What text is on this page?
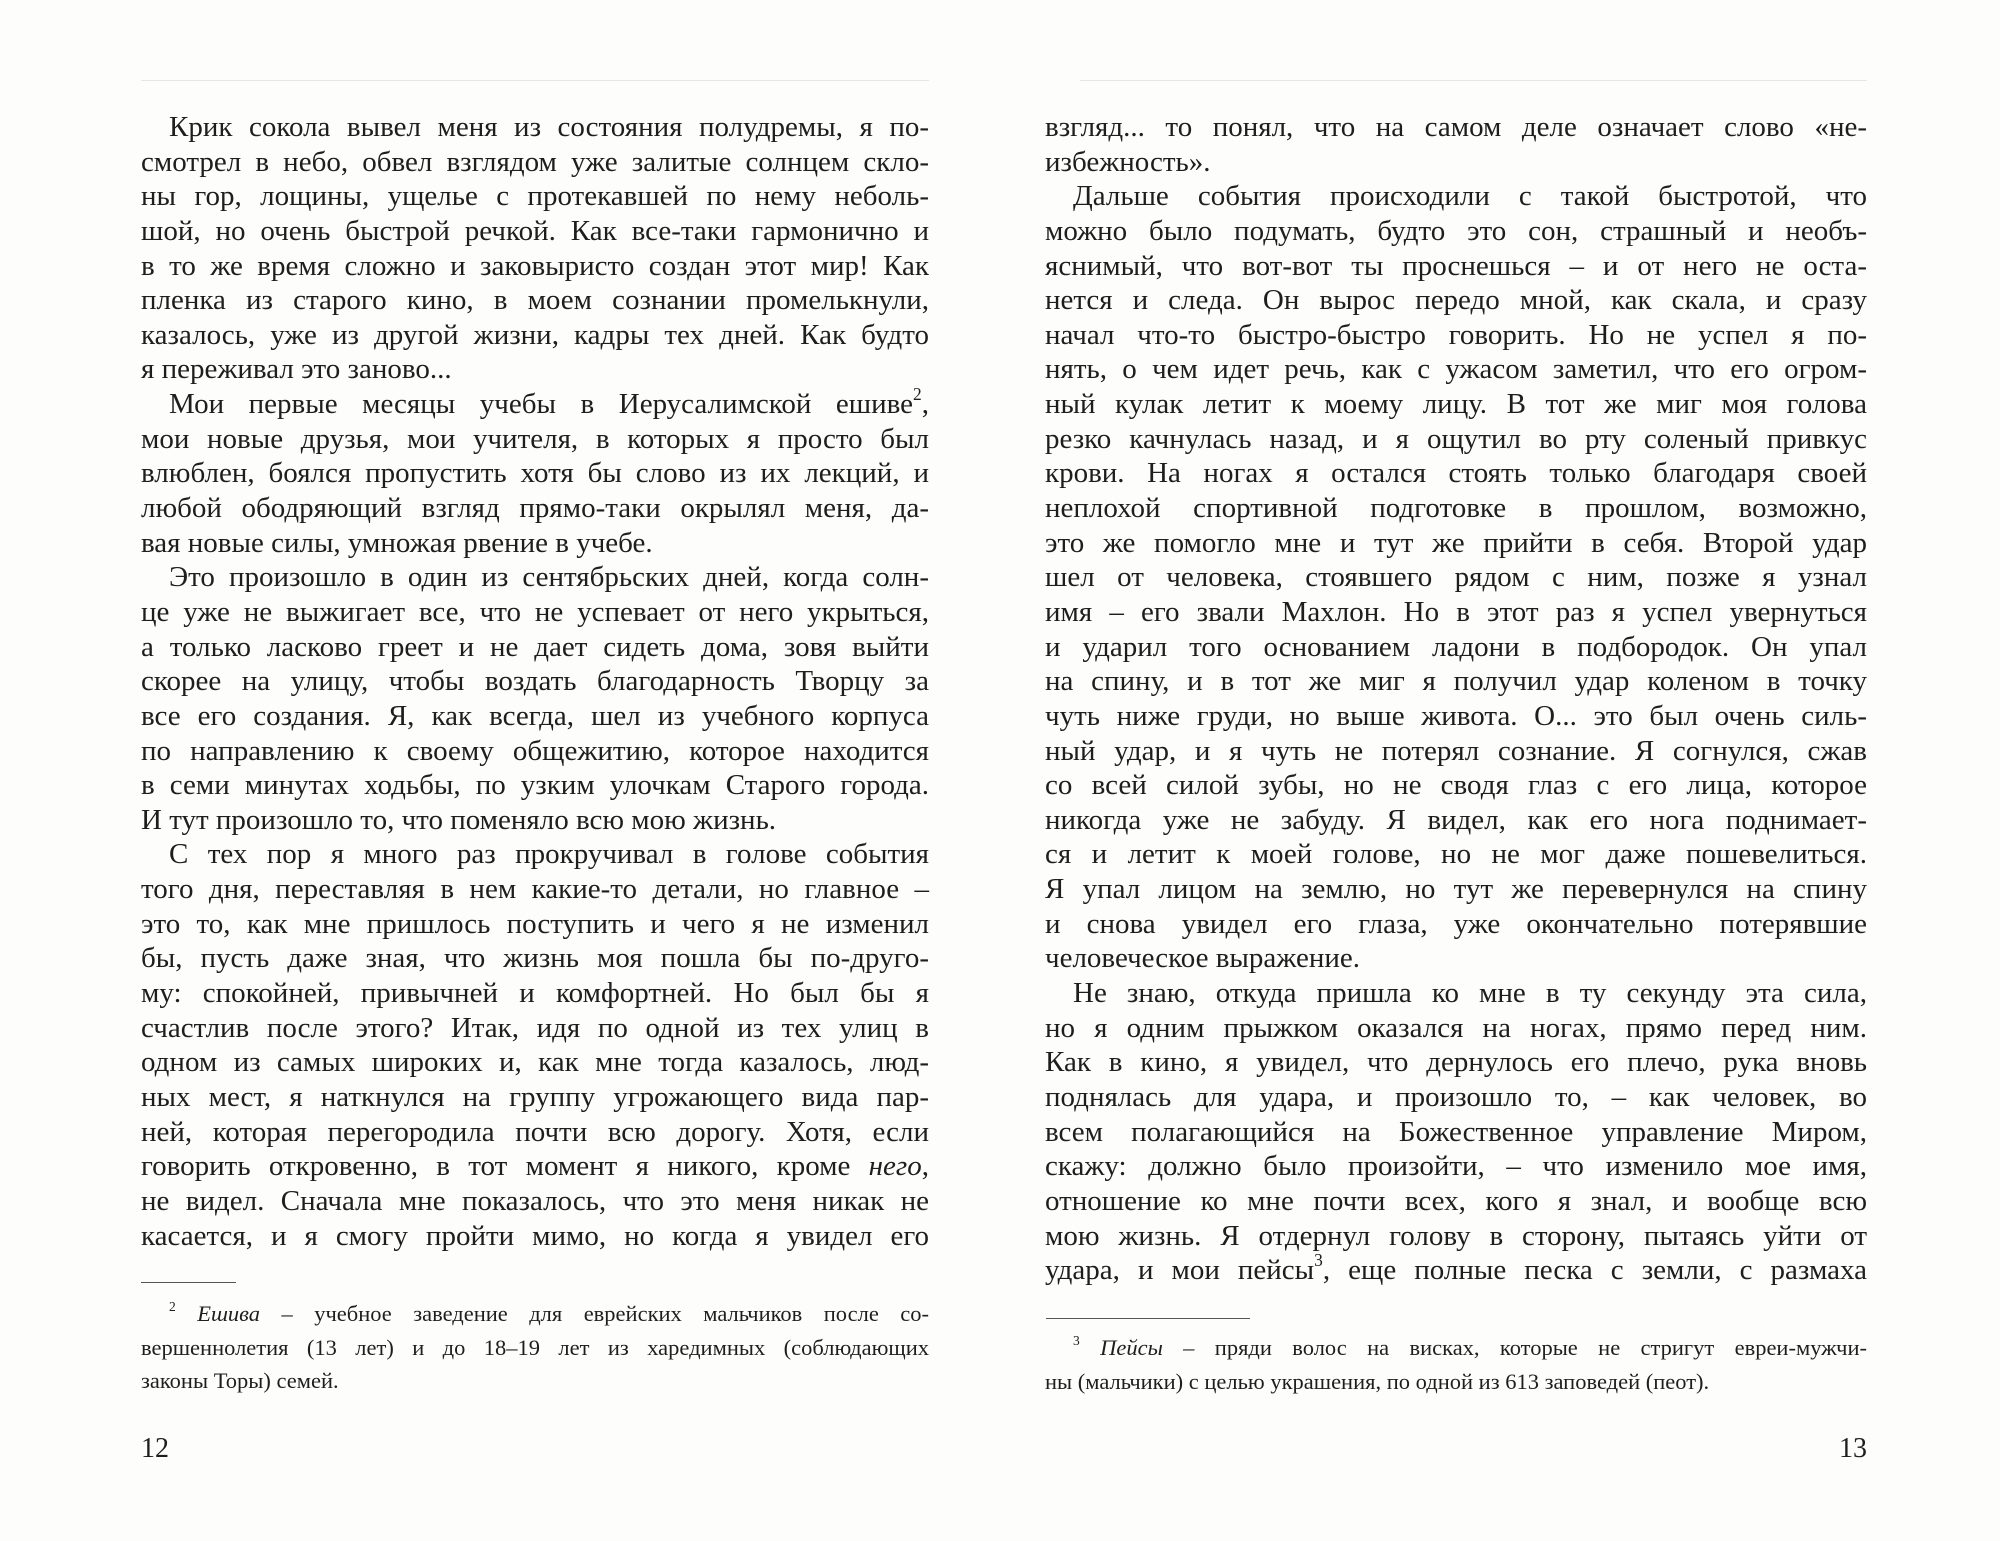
Крик сокола вывел меня из состояния полудремы, я по-
смотрел в небо, обвел взглядом уже залитые солнцем скло-
ны гор, лощины, ущелье с протекавшей по нему неболь-
шой, но очень быстрой речкой. Как все-таки гармонично и
в то же время сложно и заковыристо создан этот мир! Как
пленка из старого кино, в моем сознании промелькнули,
казалось, уже из другой жизни, кадры тех дней. Как будто
я переживал это заново...
Мои первые месяцы учебы в Иерусалимской ешиве$^2$,
мои новые друзья, мои учителя, в которых я просто был
влюблен, боялся пропустить хотя бы слово из их лекций, и
любой ободряющий взгляд прямо-таки окрылял меня, да-
вая новые силы, умножая рвение в учебе.
Это произошло в один из сентябрьских дней, когда солн-
це уже не выжигает все, что не успевает от него укрыться,
а только ласково греет и не дает сидеть дома, зовя выйти
скорее на улицу, чтобы воздать благодарность Творцу за
все его создания. Я, как всегда, шел из учебного корпуса
по направлению к своему общежитию, которое находится
в семи минутах ходьбы, по узким улочкам Старого города.
И тут произошло то, что поменяло всю мою жизнь.
С тех пор я много раз прокручивал в голове события
того дня, переставляя в нем какие-то детали, но главное –
это то, как мне пришлось поступить и чего я не изменил
бы, пусть даже зная, что жизнь моя пошла бы по-друго-
му: спокойней, привычней и комфортней. Но был бы я
счастлив после этого? Итак, идя по одной из тех улиц в
одном из самых широких и, как мне тогда казалось, люд-
ных мест, я наткнулся на группу угрожающего вида пар-
ней, которая перегородила почти всю дорогу. Хотя, если
говорить откровенно, в тот момент я никого, кроме него,
не видел. Сначала мне показалось, что это меня никак не
касается, и я смогу пройти мимо, но когда я увидел его
взгляд... то понял, что на самом деле означает слово «не-
избежность».
Дальше события происходили с такой быстротой, что
можно было подумать, будто это сон, страшный и необъ-
яснимый, что вот-вот ты проснешься – и от него не оста-
нется и следа. Он вырос передо мной, как скала, и сразу
начал что-то быстро-быстро говорить. Но не успел я по-
нять, о чем идет речь, как с ужасом заметил, что его огром-
ный кулак летит к моему лицу. В тот же миг моя голова
резко качнулась назад, и я ощутил во рту соленый привкус
крови. На ногах я остался стоять только благодаря своей
неплохой спортивной подготовке в прошлом, возможно,
это же помогло мне и тут же прийти в себя. Второй удар
шел от человека, стоявшего рядом с ним, позже я узнал
имя – его звали Махлон. Но в этот раз я успел увернуться
и ударил того основанием ладони в подбородок. Он упал
на спину, и в тот же миг я получил удар коленом в точку
чуть ниже груди, но выше живота. О... это был очень силь-
ный удар, и я чуть не потерял сознание. Я согнулся, сжав
со всей силой зубы, но не сводя глаз с его лица, которое
никогда уже не забуду. Я видел, как его нога поднимает-
ся и летит к моей голове, но не мог даже пошевелиться.
Я упал лицом на землю, но тут же перевернулся на спину
и снова увидел его глаза, уже окончательно потерявшие
человеческое выражение.
Не знаю, откуда пришла ко мне в ту секунду эта сила,
но я одним прыжком оказался на ногах, прямо перед ним.
Как в кино, я увидел, что дернулось его плечо, рука вновь
поднялась для удара, и произошло то, – как человек, во
всем полагающийся на Божественное управление Миром,
скажу: должно было произойти, – что изменило мое имя,
отношение ко мне почти всех, кого я знал, и вообще всю
мою жизнь. Я отдернул голову в сторону, пытаясь уйти от
удара, и мои пейсы$^3$, еще полные песка с земли, с размаха
$^2$ Ешива – учебное заведение для еврейских мальчиков после со-
вершеннолетия (13 лет) и до 18–19 лет из харедимных (соблюдающих
законы Торы) семей.
$^3$ Пейсы – пряди волос на висках, которые не стригут евреи-мужчи-
ны (мальчики) с целью украшения, по одной из 613 заповедей (пеот).
12	13
